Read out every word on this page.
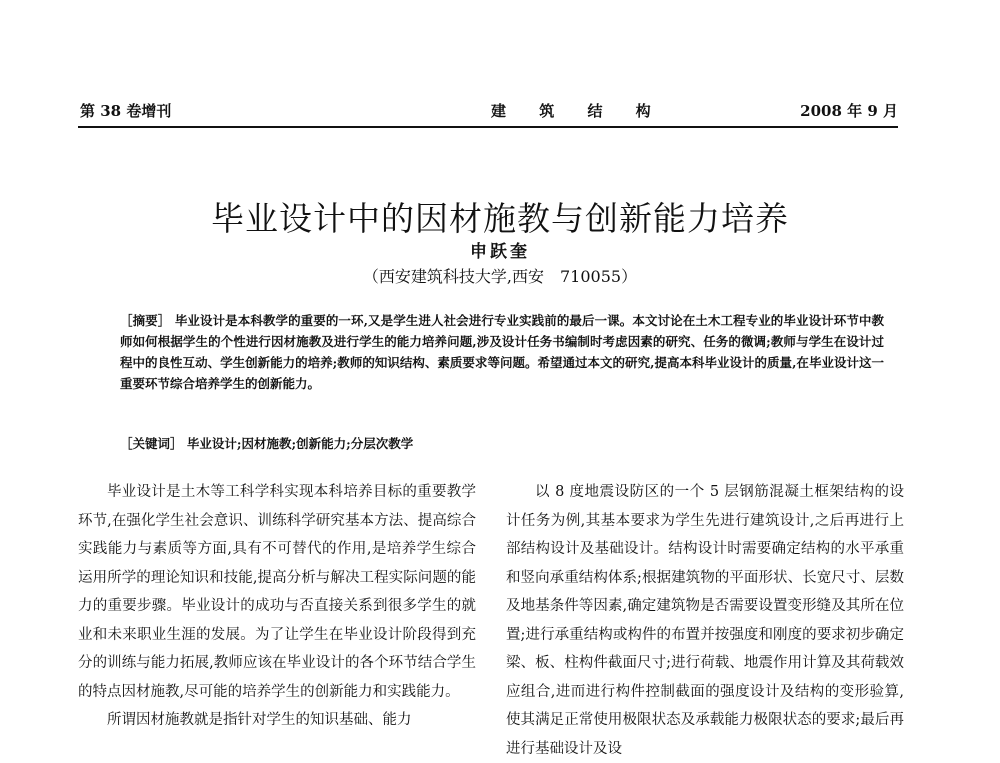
第 38 卷增刊	建 筑 结 构	2008 年 9 月
毕业设计中的因材施教与创新能力培养
申跃奎
（西安建筑科技大学,西安　710055）
［摘要］ 毕业设计是本科教学的重要的一环,又是学生进人社会进行专业实践前的最后一课。本文讨论在土木工程专业的毕业设计环节中教师如何根据学生的个性进行因材施教及进行学生的能力培养问题,涉及设计任务书编制时考虑因素的研究、任务的微调;教师与学生在设计过程中的良性互动、学生创新能力的培养;教师的知识结构、素质要求等问题。希望通过本文的研究,提高本科毕业设计的质量,在毕业设计这一重要环节综合培养学生的创新能力。
［关键词］ 毕业设计;因材施教;创新能力;分层次教学

毕业设计是土木等工科学科实现本科培养目标的重要教学环节,在强化学生社会意识、训练科学研究基本方法、提高综合实践能力与素质等方面,具有不可替代的作用,是培养学生综合运用所学的理论知识和技能,提高分析与解决工程实际问题的能力的重要步骤。毕业设计的成功与否直接关系到很多学生的就业和未来职业生涯的发展。为了让学生在毕业设计阶段得到充分的训练与能力拓展,教师应该在毕业设计的各个环节结合学生的特点因材施教,尽可能的培养学生的创新能力和实践能力。

所谓因材施教就是指针对学生的知识基础、能力

以 8 度地震设防区的一个 5 层钢筋混凝土框架结构的设计任务为例,其基本要求为学生先进行建筑设计,之后再进行上部结构设计及基础设计。结构设计时需要确定结构的水平承重和竖向承重结构体系;根据建筑物的平面形状、长宽尺寸、层数及地基条件等因素,确定建筑物是否需要设置变形缝及其所在位置;进行承重结构或构件的布置并按强度和刚度的要求初步确定梁、板、柱构件截面尺寸;进行荷载、地震作用计算及其荷载效应组合,进而进行构件控制截面的强度设计及结构的变形验算,使其满足正常使用极限状态及承载能力极限状态的要求;最后再进行基础设计及设
